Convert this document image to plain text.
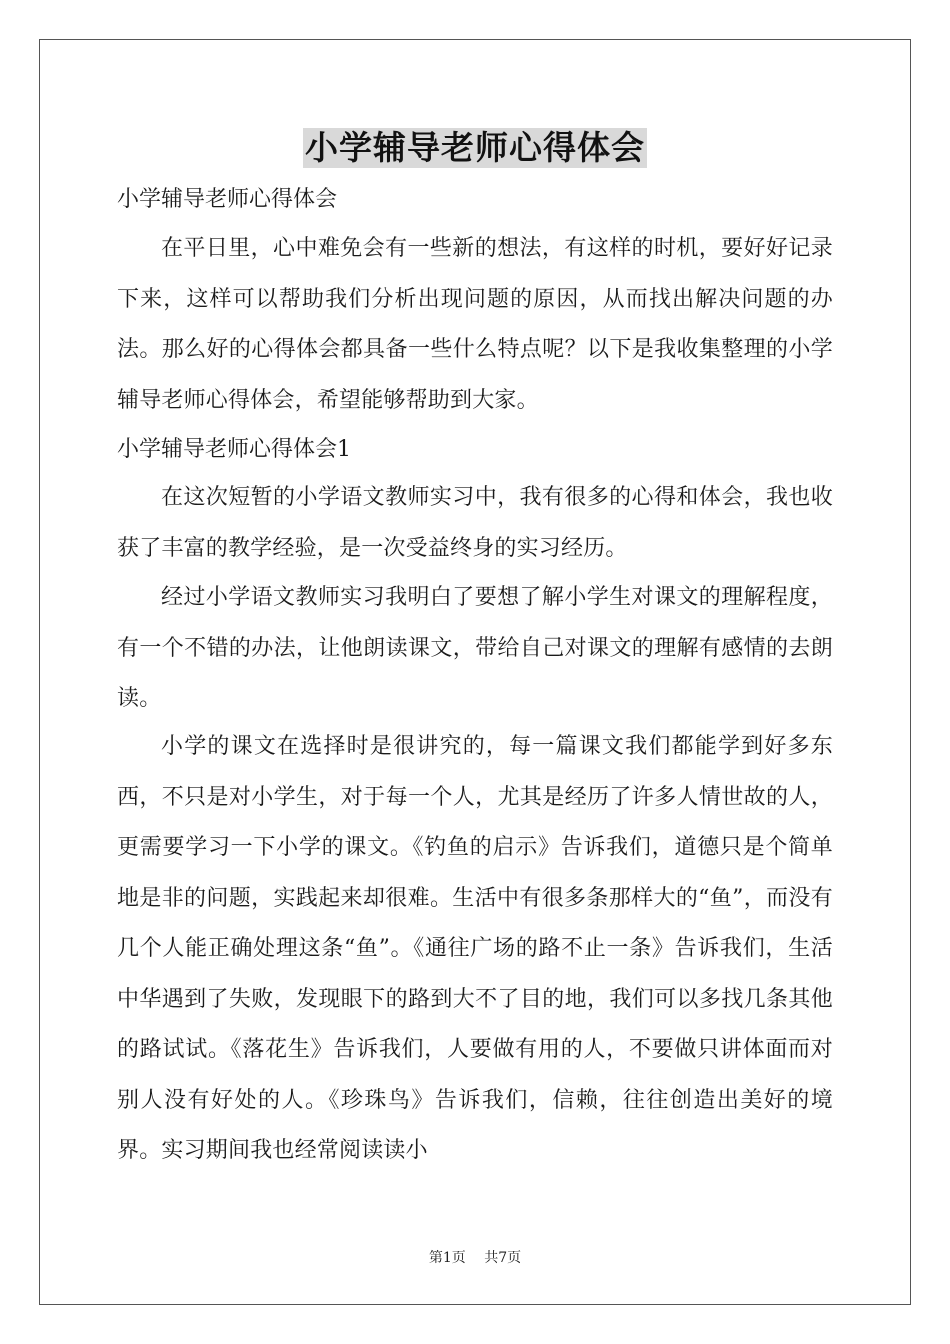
小学辅导老师心得体会
小学辅导老师心得体会
在平日里，心中难免会有一些新的想法，有这样的时机，要好好记录下来，这样可以帮助我们分析出现问题的原因，从而找出解决问题的办法。那么好的心得体会都具备一些什么特点呢？以下是我收集整理的小学辅导老师心得体会，希望能够帮助到大家。
小学辅导老师心得体会1
在这次短暂的小学语文教师实习中，我有很多的心得和体会，我也收获了丰富的教学经验，是一次受益终身的实习经历。
经过小学语文教师实习我明白了要想了解小学生对课文的理解程度，有一个不错的办法，让他朗读课文，带给自己对课文的理解有感情的去朗读。
小学的课文在选择时是很讲究的，每一篇课文我们都能学到好多东西，不只是对小学生，对于每一个人，尤其是经历了许多人情世故的人，更需要学习一下小学的课文。《钓鱼的启示》告诉我们，道德只是个简单地是非的问题，实践起来却很难。生活中有很多条那样大的“鱼”，而没有几个人能正确处理这条“鱼”。《通往广场的路不止一条》告诉我们，生活中华遇到了失败，发现眼下的路到大不了目的地，我们可以多找几条其他的路试试。《落花生》告诉我们，人要做有用的人，不要做只讲体面而对别人没有好处的人。《珍珠鸟》告诉我们，信赖，往往创造出美好的境界。实习期间我也经常阅读读小
第1页　 共7页
